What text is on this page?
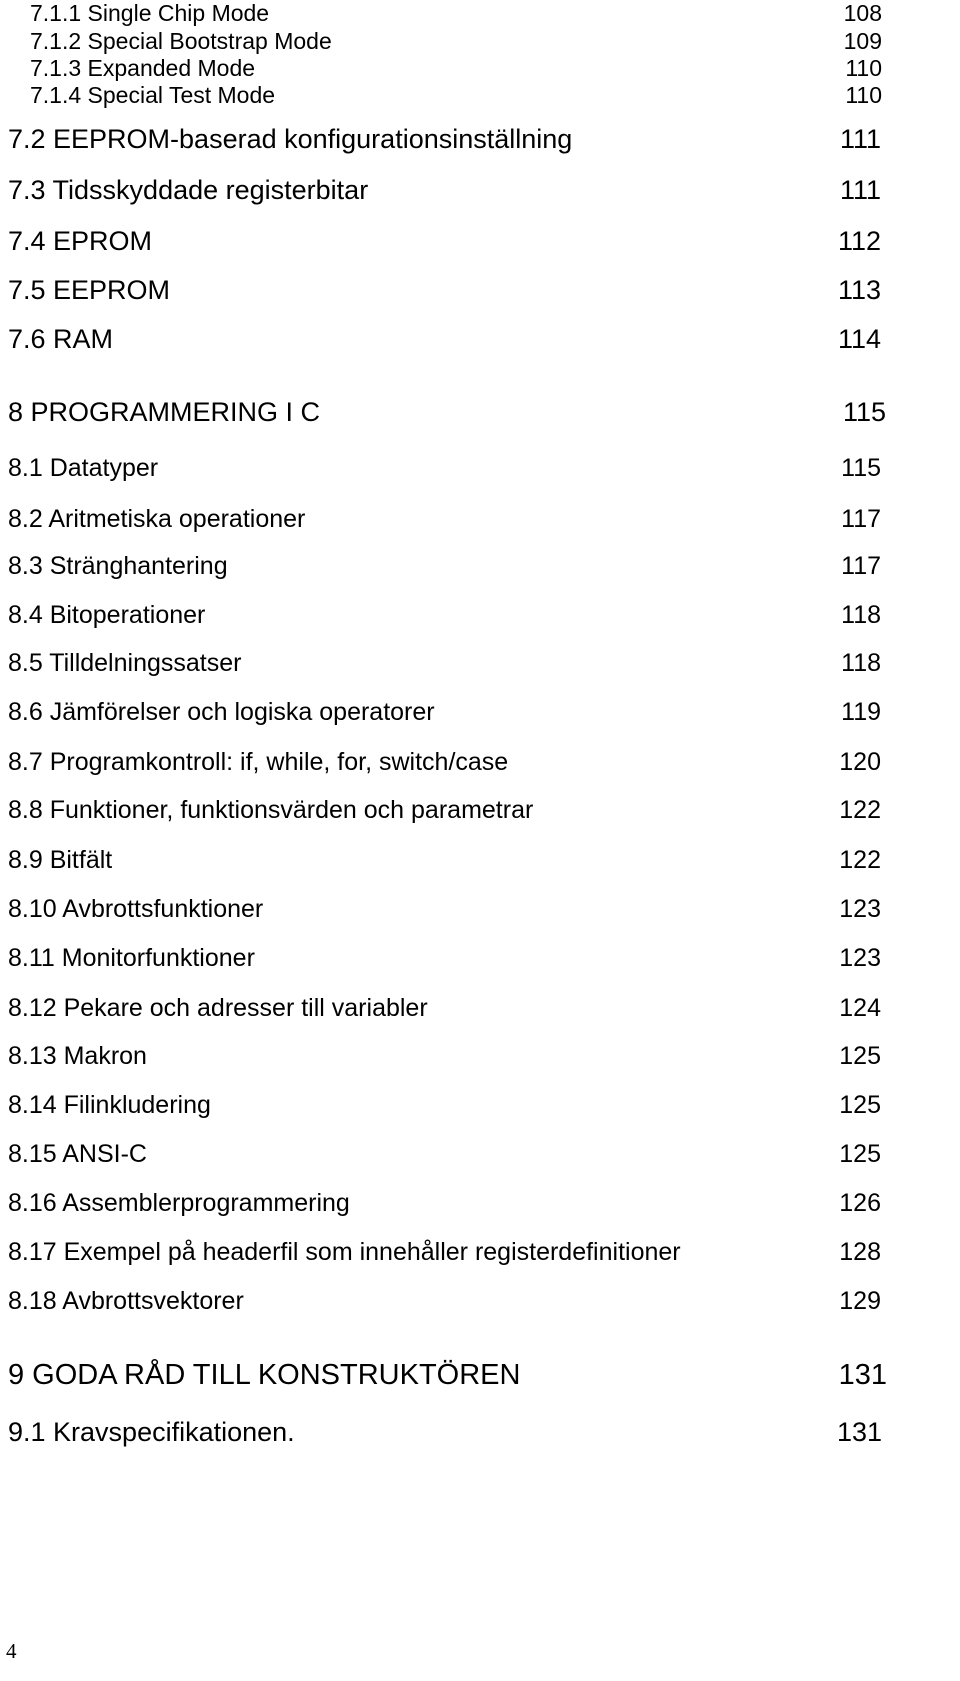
7.1.1 Single Chip Mode	108
7.1.2 Special Bootstrap Mode	109
7.1.3 Expanded Mode	110
7.1.4 Special Test Mode	110
7.2 EEPROM-baserad konfigurationsinställning	111
7.3 Tidsskyddade registerbitar	111
7.4 EPROM	112
7.5 EEPROM	113
7.6 RAM	114
8 PROGRAMMERING I C	115
8.1 Datatyper	115
8.2 Aritmetiska operationer	117
8.3 Stränghantering	117
8.4 Bitoperationer	118
8.5 Tilldelningssatser	118
8.6 Jämförelser och logiska operatorer	119
8.7 Programkontroll: if, while, for, switch/case	120
8.8 Funktioner, funktionsvärden och parametrar	122
8.9 Bitfält	122
8.10 Avbrottsfunktioner	123
8.11 Monitorfunktioner	123
8.12 Pekare och adresser till variabler	124
8.13 Makron	125
8.14 Filinkludering	125
8.15 ANSI-C	125
8.16 Assemblerprogrammering	126
8.17 Exempel på headerfil som innehåller registerdefinitioner	128
8.18 Avbrottsvektorer	129
9 GODA RÅD TILL KONSTRUKTÖREN	131
9.1 Kravspecifikationen.	131
4
